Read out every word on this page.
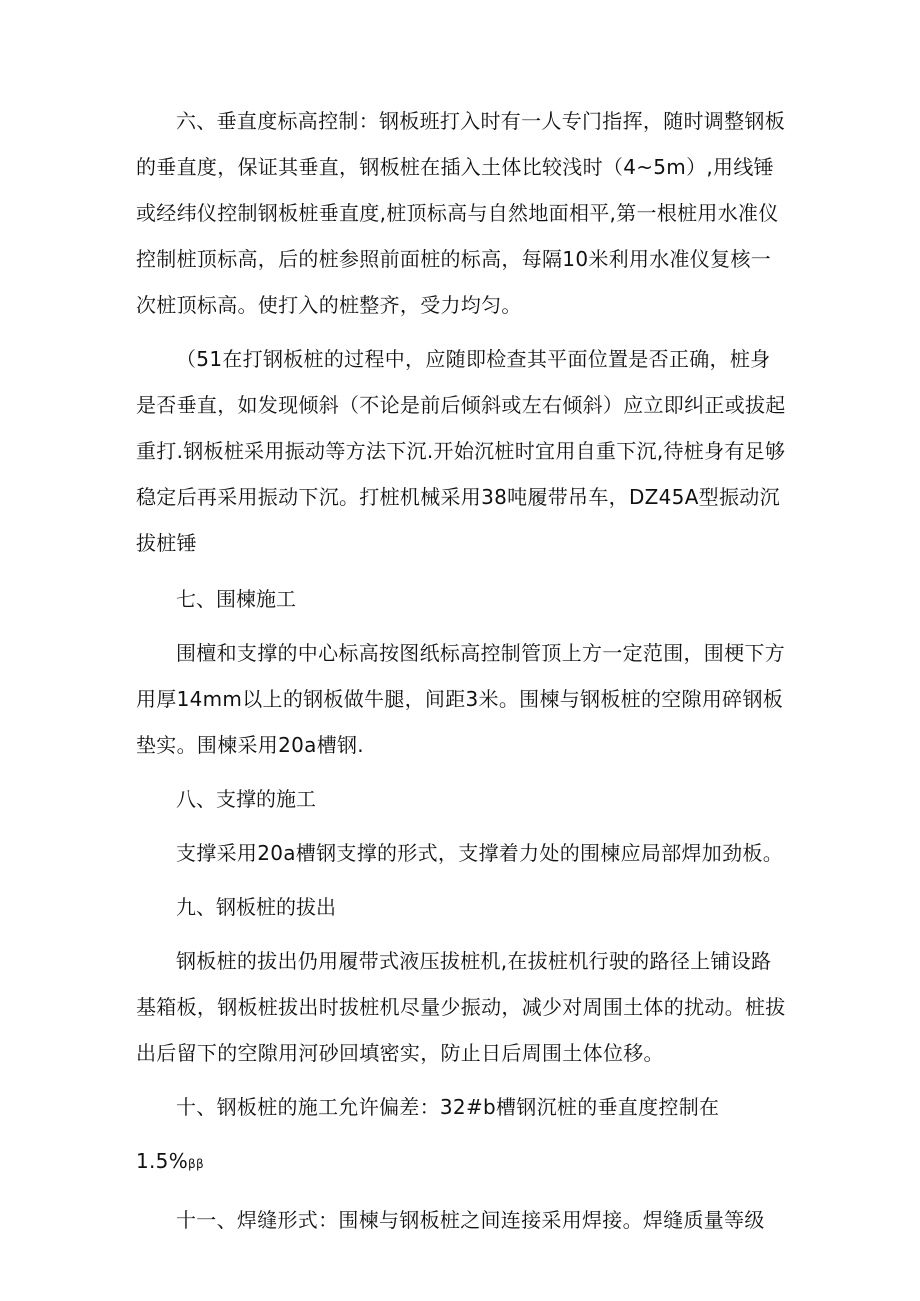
六、垂直度标高控制：钢板班打入时有一人专门指挥，随时调整钢板的垂直度，保证其垂直，钢板桩在插入土体比较浅时（4~5m）,用线锤或经纬仪控制钢板桩垂直度,桩顶标高与自然地面相平,第一根桩用水准仪控制桩顶标高，后的桩参照前面桩的标高，每隔10米利用水准仪复核一次桩顶标高。使打入的桩整齐，受力均匀。

（51在打钢板桩的过程中，应随即检查其平面位置是否正确，桩身是否垂直，如发现倾斜（不论是前后倾斜或左右倾斜）应立即纠正或拔起重打.钢板桩采用振动等方法下沉.开始沉桩时宜用自重下沉,待桩身有足够稳定后再采用振动下沉。打桩机械采用38吨履带吊车，DZ45A型振动沉拔桩锤

七、围楝施工

围檀和支撑的中心标高按图纸标高控制管顶上方一定范围，围梗下方用厚14mm以上的钢板做牛腿，间距3米。围楝与钢板桩的空隙用碎钢板垫实。围楝采用20a槽钢.

八、支撑的施工

支撑采用20a槽钢支撑的形式，支撑着力处的围楝应局部焊加劲板。

九、钢板桩的拔出

钢板桩的拔出仍用履带式液压拔桩机,在拔桩机行驶的路径上铺设路基箱板，钢板桩拔出时拔桩机尽量少振动，减少对周围土体的扰动。桩拔出后留下的空隙用河砂回填密实，防止日后周围土体位移。

十、钢板桩的施工允许偏差：32#b槽钢沉桩的垂直度控制在

1.5%ββ

十一、焊缝形式：围楝与钢板桩之间连接采用焊接。焊缝质量等级
